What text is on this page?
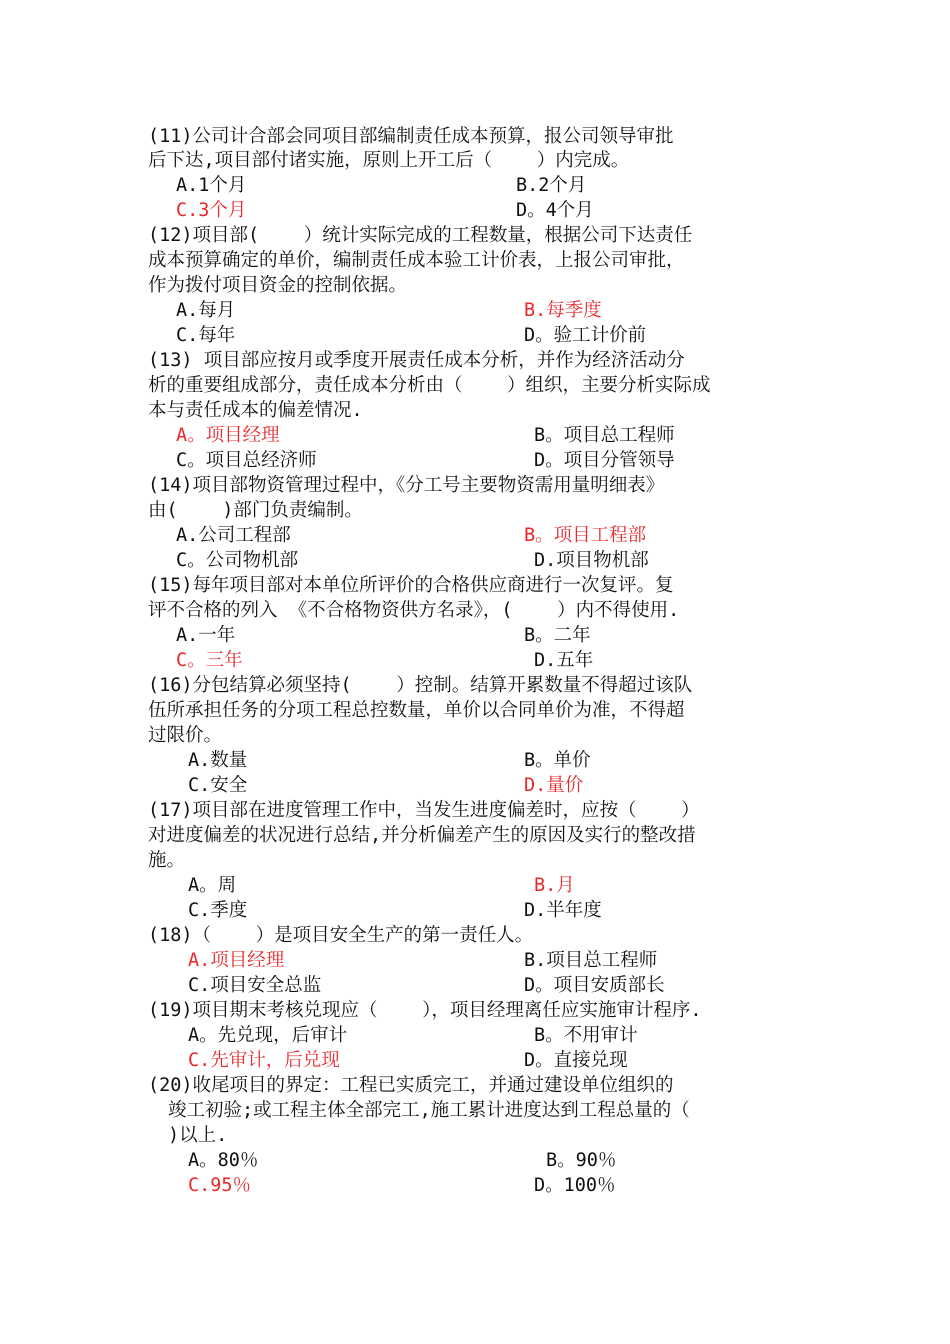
(11)公司计合部会同项目部编制责任成本预算，报公司领导审批
后下达,项目部付诸实施，原则上开工后（    ）内完成。
A.1个月	B.2个月
C.3个月	D。4个月
(12)项目部(    ）统计实际完成的工程数量，根据公司下达责任
成本预算确定的单价，编制责任成本验工计价表，上报公司审批，
作为拨付项目资金的控制依据。
A.每月	B.每季度
C.每年	D。验工计价前
(13) 项目部应按月或季度开展责任成本分析，并作为经济活动分
析的重要组成部分，责任成本分析由（    ）组织，主要分析实际成
本与责任成本的偏差情况.
A。项目经理	B。项目总工程师
C。项目总经济师	D。项目分管领导
(14)项目部物资管理过程中，《分工号主要物资需用量明细表》
由(    )部门负责编制。
A.公司工程部	B。项目工程部
C。公司物机部	D.项目物机部
(15)每年项目部对本单位所评价的合格供应商进行一次复评。复
评不合格的列入 《不合格物资供方名录》，(    ）内不得使用.
A.一年	B。二年
C。三年	D.五年
(16)分包结算必须坚持(    ）控制。结算开累数量不得超过该队
伍所承担任务的分项工程总控数量，单价以合同单价为准，不得超
过限价。
A.数量	B。单价
C.安全	D.量价
(17)项目部在进度管理工作中，当发生进度偏差时，应按（    ）
对进度偏差的状况进行总结,并分析偏差产生的原因及实行的整改措
施。
A。周	B.月
C.季度	D.半年度
(18)（    ）是项目安全生产的第一责任人。
A.项目经理	B.项目总工程师
C.项目安全总监	D。项目安质部长
(19)项目期末考核兑现应（    ），项目经理离任应实施审计程序.
A。先兑现，后审计	B。不用审计
C.先审计，后兑现	D。直接兑现
(20)收尾项目的界定：工程已实质完工，并通过建设单位组织的
竣工初验;或工程主体全部完工,施工累计进度达到工程总量的（
)以上.
A。80％	B。90％
C.95％	D。100％
